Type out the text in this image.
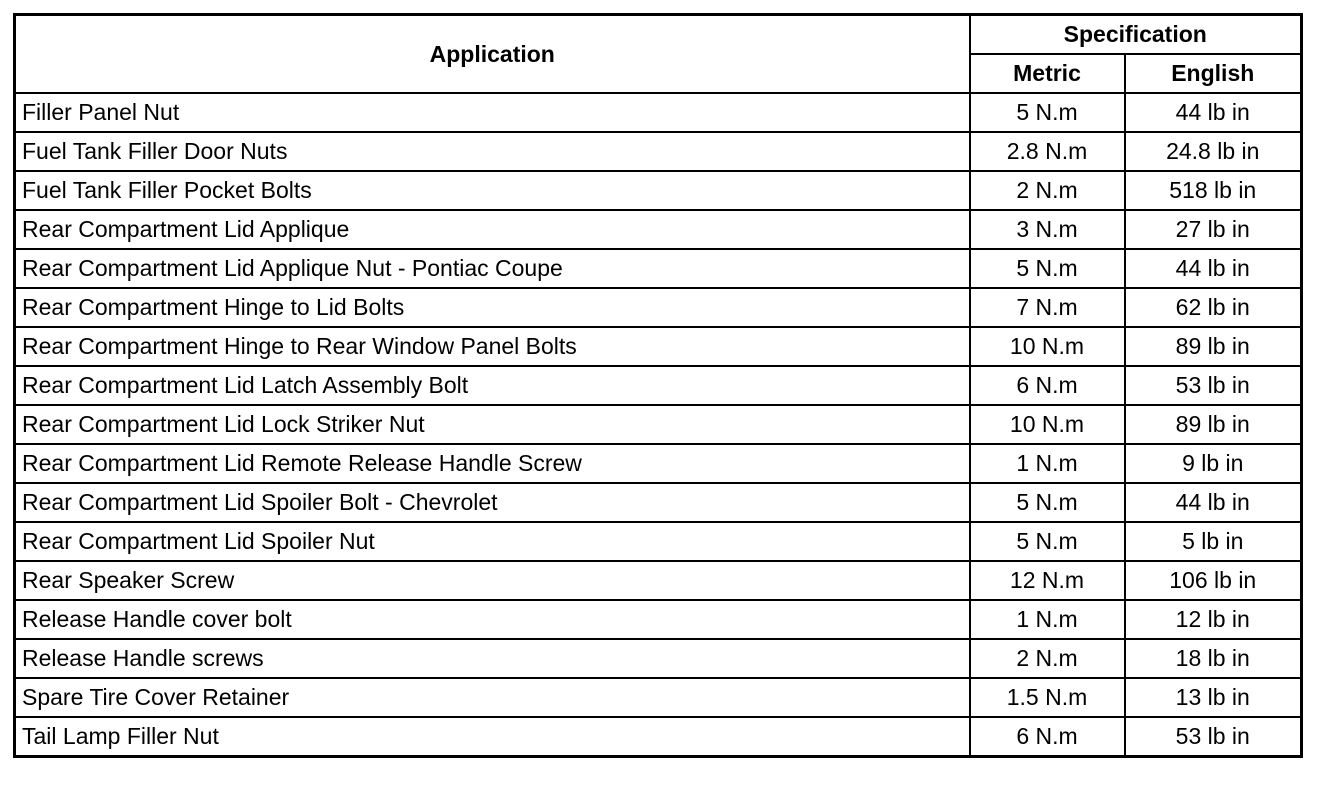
Application	Specification	
	Metric	English
Filler Panel Nut	5 N.m	44 lb in
Fuel Tank Filler Door Nuts	2.8 N.m	24.8 lb in
Fuel Tank Filler Pocket Bolts	2 N.m	518 lb in
Rear Compartment Lid Applique	3 N.m	27 lb in
Rear Compartment Lid Applique Nut - Pontiac Coupe	5 N.m	44 lb in
Rear Compartment Hinge to Lid Bolts	7 N.m	62 lb in
Rear Compartment Hinge to Rear Window Panel Bolts	10 N.m	89 lb in
Rear Compartment Lid Latch Assembly Bolt	6 N.m	53 lb in
Rear Compartment Lid Lock Striker Nut	10 N.m	89 lb in
Rear Compartment Lid Remote Release Handle Screw	1 N.m	9 lb in
Rear Compartment Lid Spoiler Bolt - Chevrolet	5 N.m	44 lb in
Rear Compartment Lid Spoiler Nut	5 N.m	5 lb in
Rear Speaker Screw	12 N.m	106 lb in
Release Handle cover bolt	1 N.m	12 lb in
Release Handle screws	2 N.m	18 lb in
Spare Tire Cover Retainer	1.5 N.m	13 lb in
Tail Lamp Filler Nut	6 N.m	53 lb in
